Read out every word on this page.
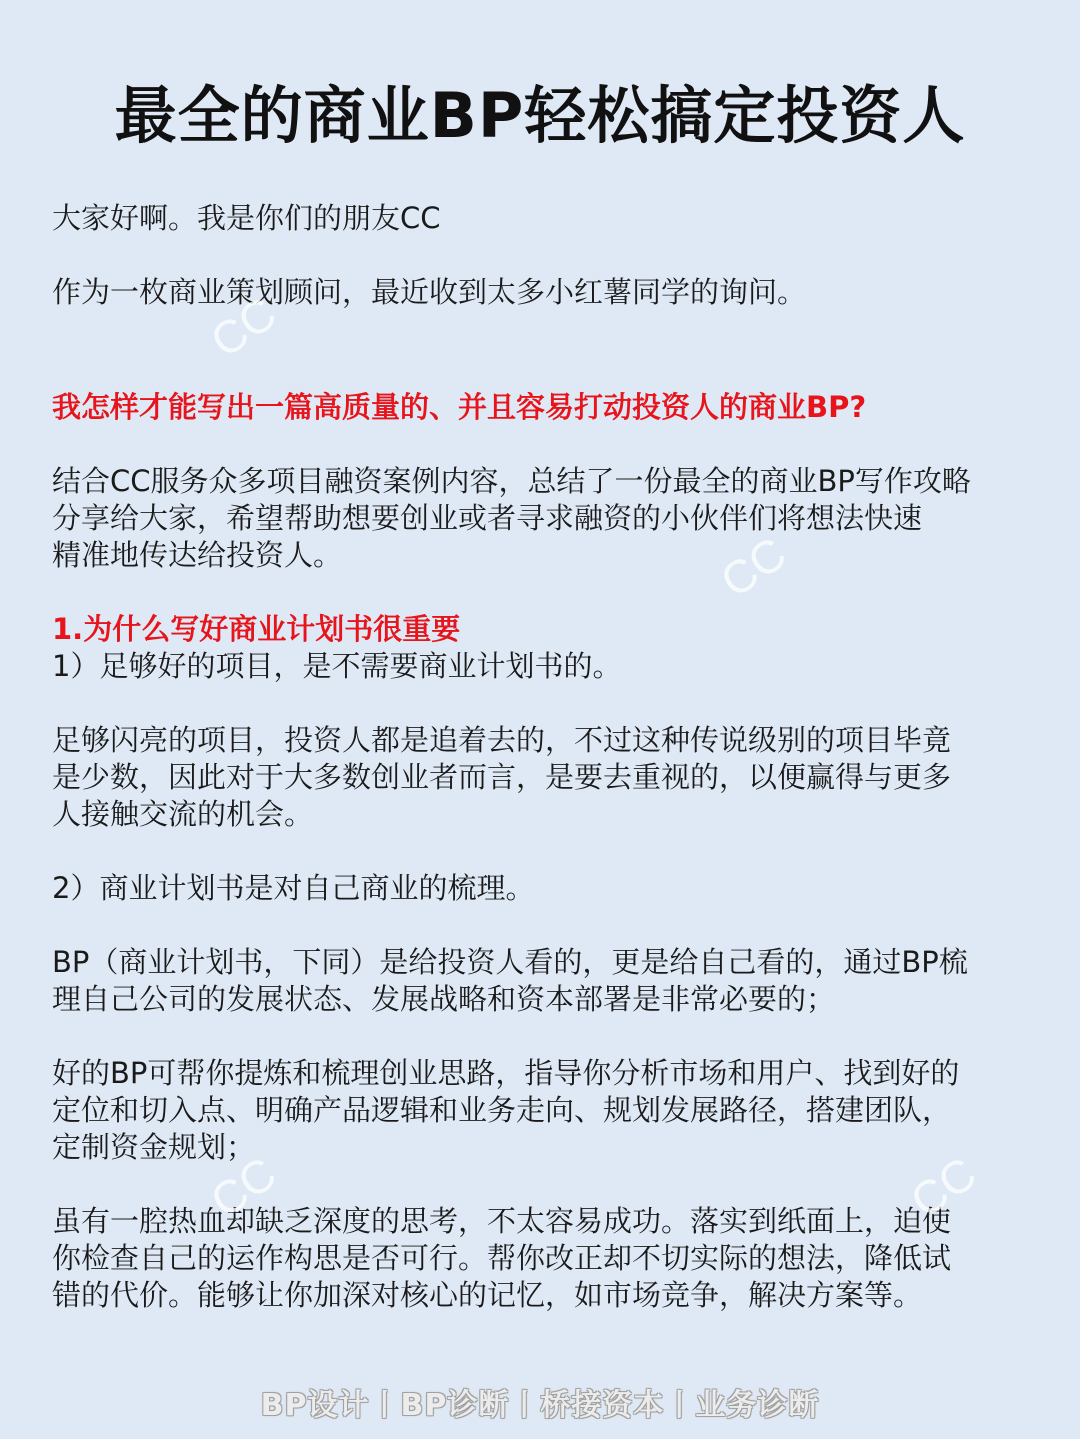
最全的商业BP轻松搞定投资人

大家好啊。我是你们的朋友CC

作为一枚商业策划顾问，最近收到太多小红薯同学的询问。

我怎样才能写出一篇高质量的、并且容易打动投资人的商业BP?

结合CC服务众多项目融资案例内容，总结了一份最全的商业BP写作攻略

分享给大家，希望帮助想要创业或者寻求融资的小伙伴们将想法快速

精准地传达给投资人。

1.为什么写好商业计划书很重要

1）足够好的项目，是不需要商业计划书的。

足够闪亮的项目，投资人都是追着去的，不过这种传说级别的项目毕竟

是少数，因此对于大多数创业者而言，是要去重视的，以便赢得与更多

人接触交流的机会。

2）商业计划书是对自己商业的梳理。

BP（商业计划书，下同）是给投资人看的，更是给自己看的，通过BP梳

理自己公司的发展状态、发展战略和资本部署是非常必要的；

好的BP可帮你提炼和梳理创业思路，指导你分析市场和用户、找到好的

定位和切入点、明确产品逻辑和业务走向、规划发展路径，搭建团队，

定制资金规划；

虽有一腔热血却缺乏深度的思考，不太容易成功。落实到纸面上，迫使

你检查自己的运作构思是否可行。帮你改正却不切实际的想法，降低试

错的代价。能够让你加深对核心的记忆，如市场竞争，解决方案等。

CC
CC
CC	CC
BP设计丨BP诊断丨桥接资本丨业务诊断
